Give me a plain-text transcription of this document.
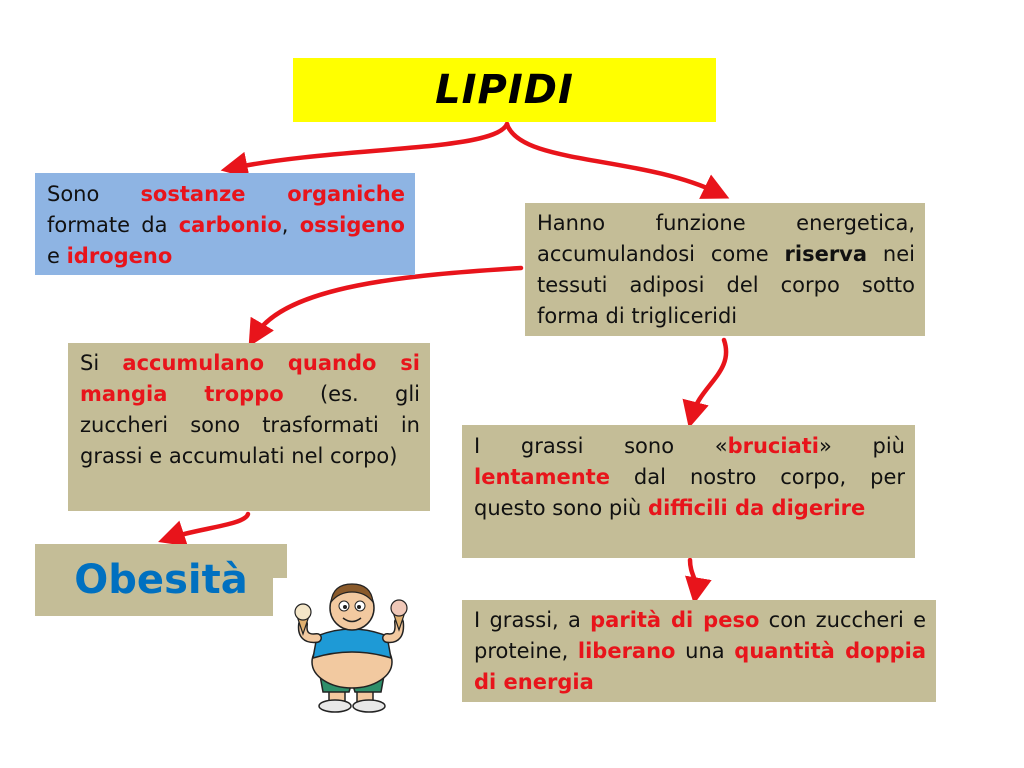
LIPIDI
Sono sostanze organiche formate da carbonio, ossigeno e idrogeno
Hanno funzione energetica, accumulandosi come riserva nei tessuti adiposi del corpo sotto forma di trigliceridi
Si accumulano quando si mangia troppo (es. gli zuccheri sono trasformati in grassi e accumulati nel corpo)	I grassi sono «bruciati» più lentamente dal nostro corpo, per questo sono più difficili da digerire
I grassi, a parità di peso con zuccheri e proteine, liberano una quantità doppia di energia
Obesità
